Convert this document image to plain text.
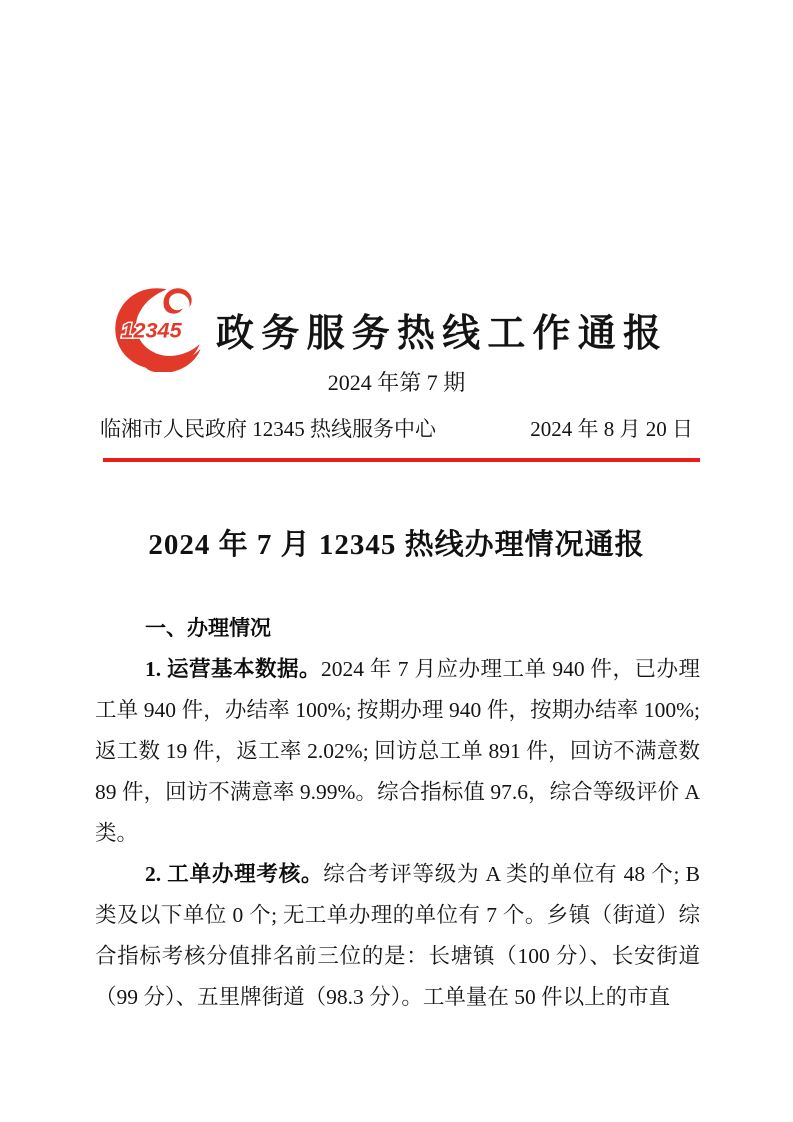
12345 政务服务热线工作通报
2024 年第 7 期
临湘市人民政府 12345 热线服务中心	2024 年 8 月 20 日
2024 年 7 月 12345 热线办理情况通报
一、办理情况

1. 运营基本数据。2024 年 7 月应办理工单 940 件，已办理工单 940 件，办结率 100%; 按期办理 940 件，按期办结率 100%; 返工数 19 件，返工率 2.02%; 回访总工单 891 件，回访不满意数 89 件，回访不满意率 9.99%。综合指标值 97.6，综合等级评价 A 类。

2. 工单办理考核。综合考评等级为 A 类的单位有 48 个; B 类及以下单位 0 个; 无工单办理的单位有 7 个。乡镇（街道）综合指标考核分值排名前三位的是：长塘镇（100 分）、长安街道（99 分）、五里牌街道（98.3 分）。工单量在 50 件以上的市直
